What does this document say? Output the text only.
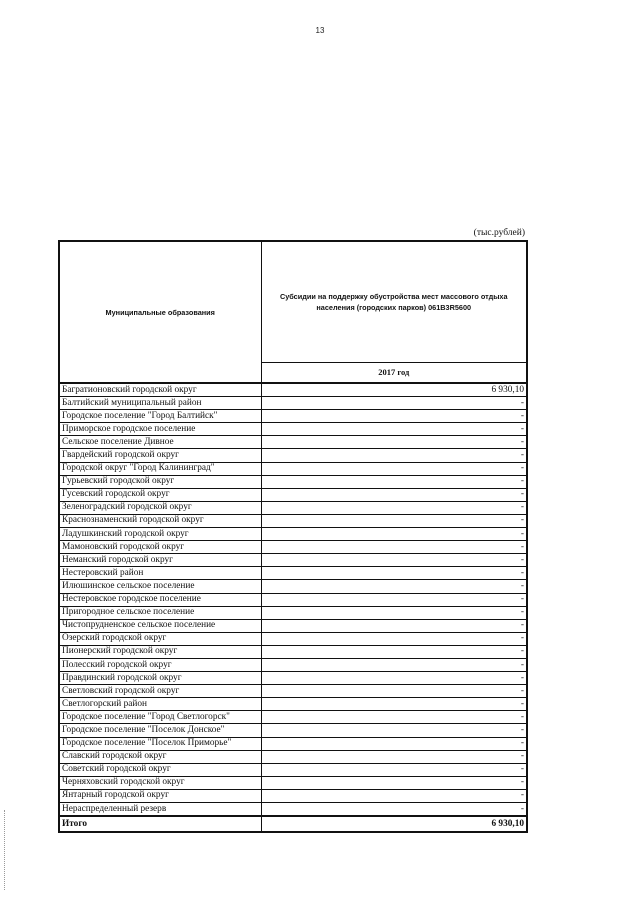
13
(тыс.рублей)
Муниципальные образования	Субсидии на поддержку обустройства мест массового отдыха населения (городских парков) 061В3R5600
	2017 год
Багратионовский городской округ	6 930,10
Балтийский муниципальный район	-
Городское поселение "Город Балтийск"	-
Приморское городское поселение	-
Сельское поселение Дивное	-
Гвардейский городской округ	-
Городской округ "Город Калининград"	-
Гурьевский городской округ	-
Гусевский городской округ	-
Зеленоградский городской округ	-
Краснознаменский городской округ	-
Ладушкинский городской округ	-
Мамоновский городской округ	-
Неманский городской округ	-
Нестеровский район	-
Илюшинское сельское поселение	-
Нестеровское городское поселение	-
Пригородное сельское поселение	-
Чистопрудненское сельское поселение	-
Озерский городской округ	-
Пионерский городской округ	-
Полесский городской округ	-
Правдинский городской округ	-
Светловский городской округ	-
Светлогорский район	-
Городское поселение "Город Светлогорск"	-
Городское поселение "Поселок Донское"	-
Городское поселение "Поселок Приморье"	-
Славский городской округ	-
Советский городской округ	-
Черняховский городской округ	-
Янтарный городской округ	-
Нераспределенный резерв	-
Итого	6 930,10
